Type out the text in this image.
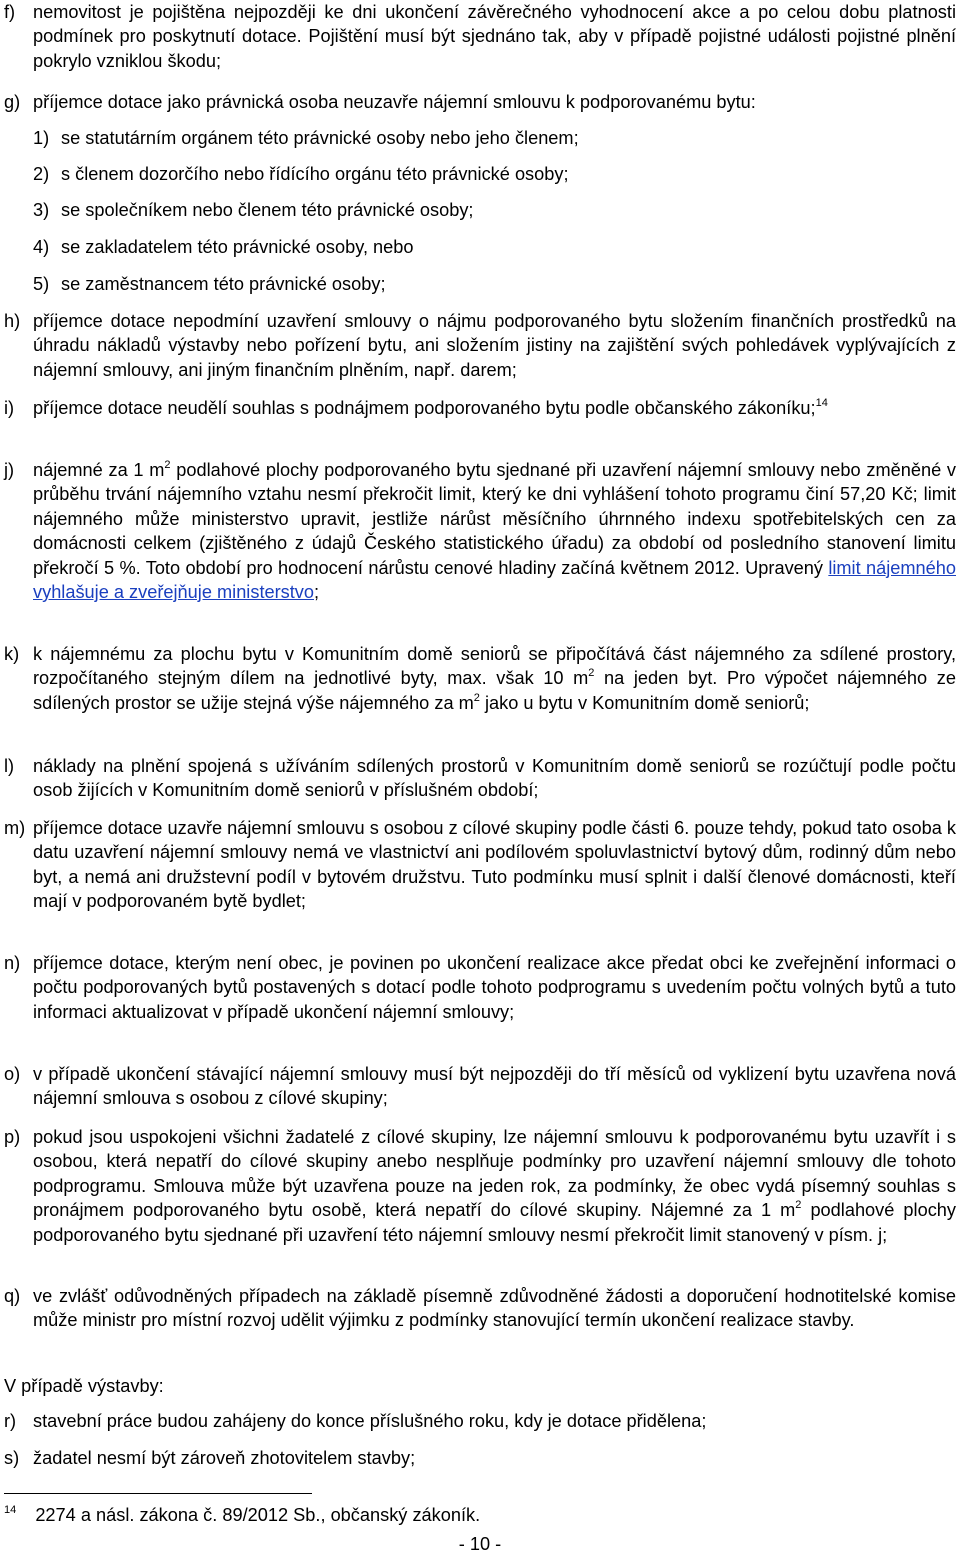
f) nemovitost je pojištěna nejpozději ke dni ukončení závěrečného vyhodnocení akce a po celou dobu platnosti podmínek pro poskytnutí dotace. Pojištění musí být sjednáno tak, aby v případě pojistné události pojistné plnění pokrylo vzniklou škodu;
g) příjemce dotace jako právnická osoba neuzavře nájemní smlouvu k podporovanému bytu:
1) se statutárním orgánem této právnické osoby nebo jeho členem;
2) s členem dozorčího nebo řídícího orgánu této právnické osoby;
3) se společníkem nebo členem této právnické osoby;
4) se zakladatelem této právnické osoby, nebo
5) se zaměstnancem této právnické osoby;
h) příjemce dotace nepodmíní uzavření smlouvy o nájmu podporovaného bytu složením finančních prostředků na úhradu nákladů výstavby nebo pořízení bytu, ani složením jistiny na zajištění svých pohledávek vyplývajících z nájemní smlouvy, ani jiným finančním plněním, např. darem;
i)	příjemce dotace neudělí souhlas s podnájmem podporovaného bytu podle občanského zákoníku;$^{14}$
j)	nájemné za 1 $m^2$ podlahové plochy podporovaného bytu sjednané při uzavření nájemní smlouvy nebo změněné v průběhu trvání nájemního vztahu nesmí překročit limit, který ke dni vyhlášení tohoto programu činí 57,20 Kč; limit nájemného může ministerstvo upravit, jestliže nárůst měsíčního úhrnného indexu spotřebitelských cen za domácnosti celkem (zjištěného z údajů Českého statistického úřadu) za období od posledního stanovení limitu překročí 5 %. Toto období pro hodnocení nárůstu cenové hladiny začíná květnem 2012. Upravený limit nájemného vyhlašuje a zveřejňuje ministerstvo;
k) k nájemnému za plochu bytu v Komunitním domě seniorů se připočítává část nájemného za sdílené prostory, rozpočítaného stejným dílem na jednotlivé byty, max. však 10 $m^2$ na jeden byt. Pro výpočet nájemného ze sdílených prostor se užije stejná výše nájemného za $m^2$ jako u bytu v Komunitním domě seniorů;
l)	náklady na plnění spojená s užíváním sdílených prostorů v Komunitním domě seniorů se rozúčtují podle počtu osob žijících v Komunitním domě seniorů v příslušném období;
m) příjemce dotace uzavře nájemní smlouvu s osobou z cílové skupiny podle části 6. pouze tehdy, pokud tato osoba k datu uzavření nájemní smlouvy nemá ve vlastnictví ani podílovém spoluvlastnictví bytový dům, rodinný dům nebo byt, a nemá ani družstevní podíl v bytovém družstvu. Tuto podmínku musí splnit i další členové domácnosti, kteří mají v podporovaném bytě bydlet;
n) příjemce dotace, kterým není obec, je povinen po ukončení realizace akce předat obci ke zveřejnění informaci o počtu podporovaných bytů postavených s dotací podle tohoto podprogramu s uvedením počtu volných bytů a tuto informaci aktualizovat v případě ukončení nájemní smlouvy;
o) v případě ukončení stávající nájemní smlouvy musí být nejpozději do tří měsíců od vyklizení bytu uzavřena nová nájemní smlouva s osobou z cílové skupiny;
p) pokud jsou uspokojeni všichni žadatelé z cílové skupiny, lze nájemní smlouvu k podporovanému bytu uzavřít i s osobou, která nepatří do cílové skupiny anebo nesplňuje podmínky pro uzavření nájemní smlouvy dle tohoto podprogramu. Smlouva může být uzavřena pouze na jeden rok, za podmínky, že obec vydá písemný souhlas s pronájmem podporovaného bytu osobě, která nepatří do cílové skupiny. Nájemné za 1 $m^2$ podlahové plochy podporovaného bytu sjednané při uzavření této nájemní smlouvy nesmí překročit limit stanovený v písm. j;
q) ve zvlášť odůvodněných případech na základě písemně zdůvodněné žádosti a doporučení hodnotitelské komise může ministr pro místní rozvoj udělit výjimku z podmínky stanovující termín ukončení realizace stavby.
V případě výstavby:
r) stavební práce budou zahájeny do konce příslušného roku, kdy je dotace přidělena;
s) žadatel nesmí být zároveň zhotovitelem stavby;
$^{14}$ 2274 a násl. zákona č. 89/2012 Sb., občanský zákoník.
- 10 -
